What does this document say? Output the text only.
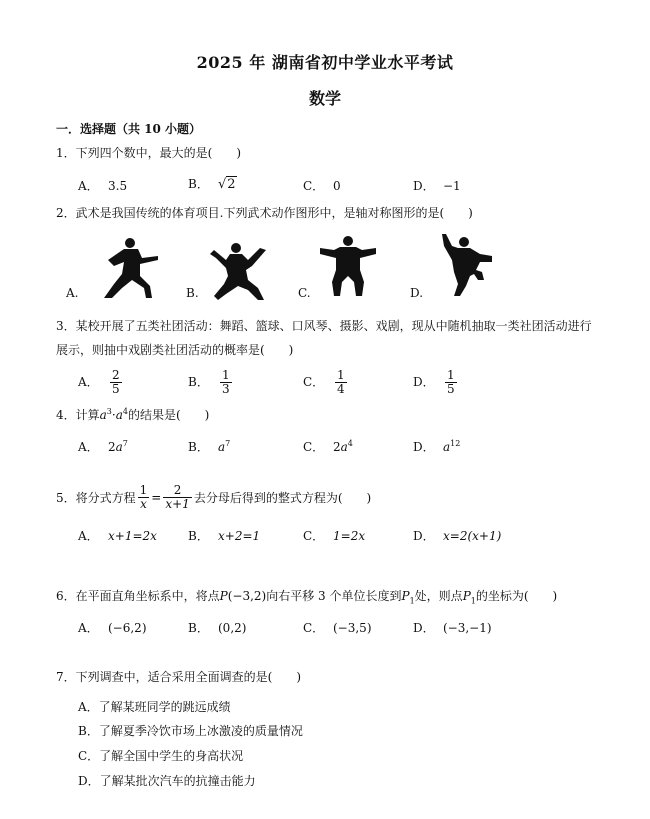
2025 年 湖南省初中学业水平考试
数学
一．选择题（共 10 小题）
1．下列四个数中，最大的是(　　)
A． 3.5	B． √2	C． 0	D． −1
2．武术是我国传统的体育项目.下列武术动作图形中，是轴对称图形的是(　　)
A.	B.	C.	D.
3．某校开展了五类社团活动：舞蹈、篮球、口风琴、摄影、戏剧，现从中随机抽取一类社团活动进行展示，则抽中戏剧类社团活动的概率是(　　)
A． $\frac{2}{5}$	B． $\frac{1}{3}$	C． $\frac{1}{4}$	D． $\frac{1}{5}$
4．计算$a^3\cdot a^4$的结果是(　　)
A． $2a^7$	B． $a^7$	C． $2a^4$	D． $a^{12}$
5．将分式方程 $\frac{1}{x} = \frac{2}{x+1}$ 去分母后得到的整式方程为(　　)
A． x+1=2x	B． x+2=1	C． 1=2x	D． x=2(x+1)
6．在平面直角坐标系中，将点P(−3,2)向右平移 3 个单位长度到$P_1$处，则点$P_1$的坐标为(　　)
A． (−6,2)	B． (0,2)	C． (−3,5)	D． (−3,−1)
7．下列调查中，适合采用全面调查的是(　　)
A．了解某班同学的跳远成绩
B．了解夏季冷饮市场上冰激凌的质量情况
C．了解全国中学生的身高状况
D．了解某批次汽车的抗撞击能力
